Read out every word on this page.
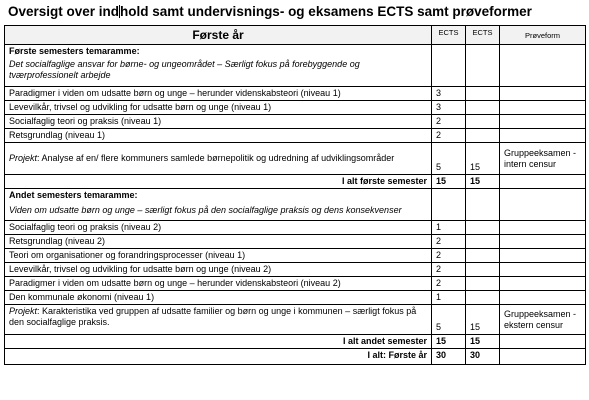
Oversigt over indhold samt undervisnings- og eksamens ECTS samt prøveformer
Første år	ECTS	ECTS	Prøveform

Første semesters temaramme:
Det socialfaglige ansvar for børne- og ungeområdet – Særligt fokus på forebyggende og tværprofessionelt arbejde			

Paradigmer i viden om udsatte børn og unge – herunder videnskabsteori (niveau 1)	3		
Levevilkår, trivsel og udvikling for udsatte børn og unge (niveau 1)	3		
Socialfaglig teori og praksis (niveau 1)	2		
Retsgrundlag (niveau 1)	2		
Projekt: Analyse af en/ flere kommuners samlede børnepolitik og udredning af udviklingsområder	5	15	Gruppeeksamen - intern censur
I alt første semester	15	15	

Andet semesters temaramme:
Viden om udsatte børn og unge – særligt fokus på den socialfaglige praksis og dens konsekvenser			

Socialfaglig teori og praksis (niveau 2)	1		
Retsgrundlag (niveau 2)	2		
Teori om organisationer og forandringsprocesser (niveau 1)	2		
Levevilkår, trivsel og udvikling for udsatte børn og unge (niveau 2)	2		
Paradigmer i viden om udsatte børn og unge – herunder videnskabsteori (niveau 2)	2		
Den kommunale økonomi (niveau 1)	1		
Projekt: Karakteristika ved gruppen af udsatte familier og børn og unge i kommunen – særligt fokus på den socialfaglige praksis.	5	15	Gruppeeksamen -ekstern censur
I alt andet semester	15	15	
I alt: Første år	30	30	
